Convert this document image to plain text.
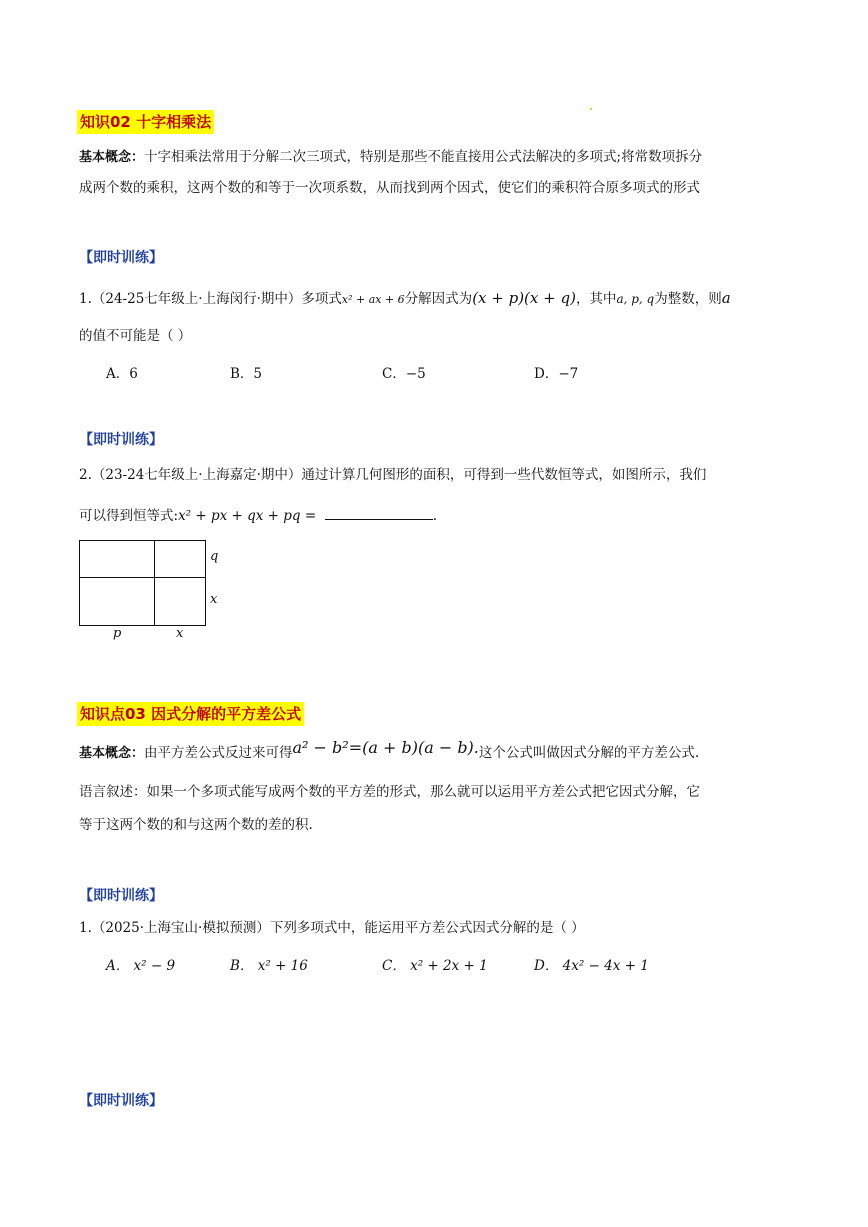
知识02 十字相乘法
基本概念：十字相乘法常用于分解二次三项式，特别是那些不能直接用公式法解决的多项式;将常数项拆分
成两个数的乘积，这两个数的和等于一次项系数，从而找到两个因式，使它们的乘积符合原多项式的形式
【即时训练】
1.（24-25七年级上·上海闵行·期中）多项式x² + ax + 6分解因式为(x + p)(x + q)，其中a, p, q为整数，则a
的值不可能是（ ）
A．6	B．5	C．−5	D．−7
【即时训练】
2.（23-24七年级上·上海嘉定·期中）通过计算几何图形的面积，可得到一些代数恒等式，如图所示，我们
可以得到恒等式:x² + px + qx + pq =	.
q
x
p	x
知识点03 因式分解的平方差公式
基本概念：由平方差公式反过来可得a² − b²=(a + b)(a − b).这个公式叫做因式分解的平方差公式.
语言叙述：如果一个多项式能写成两个数的平方差的形式，那么就可以运用平方差公式把它因式分解，它
等于这两个数的和与这两个数的差的积.
【即时训练】
1.（2025·上海宝山·模拟预测）下列多项式中，能运用平方差公式因式分解的是（ ）
A． x² − 9	B． x² + 16	C． x² + 2x + 1	D． 4x² − 4x + 1
【即时训练】
